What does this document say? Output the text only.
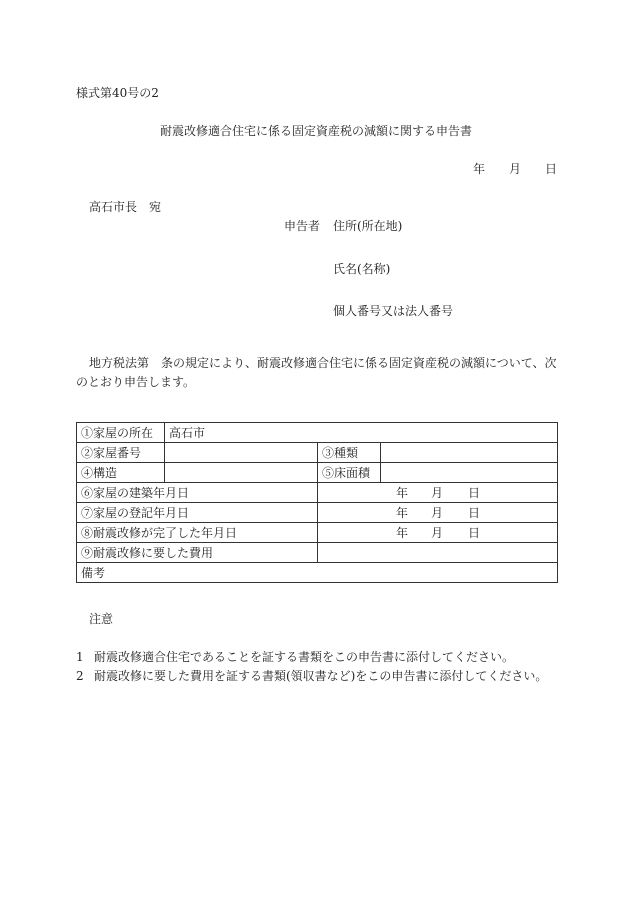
様式第40号の2
耐震改修適合住宅に係る固定資産税の減額に関する申告書
年 月 日
高石市長　宛
申告者 住所(所在地)
氏名(名称)
個人番号又は法人番号
地方税法第　条の規定により、耐震改修適合住宅に係る固定資産税の減額について、次
のとおり申告します。
①家屋の所在	高石市		
②家屋番号		③種類	
④構造		⑤床面積	
⑥家屋の建築年月日		年 月 日	
⑦家屋の登記年月日		年 月 日	
⑧耐震改修が完了した年月日		年 月 日	
⑨耐震改修に要した費用			
備考			
注意
1 耐震改修適合住宅であることを証する書類をこの申告書に添付してください。
2 耐震改修に要した費用を証する書類(領収書など)をこの申告書に添付してください。
